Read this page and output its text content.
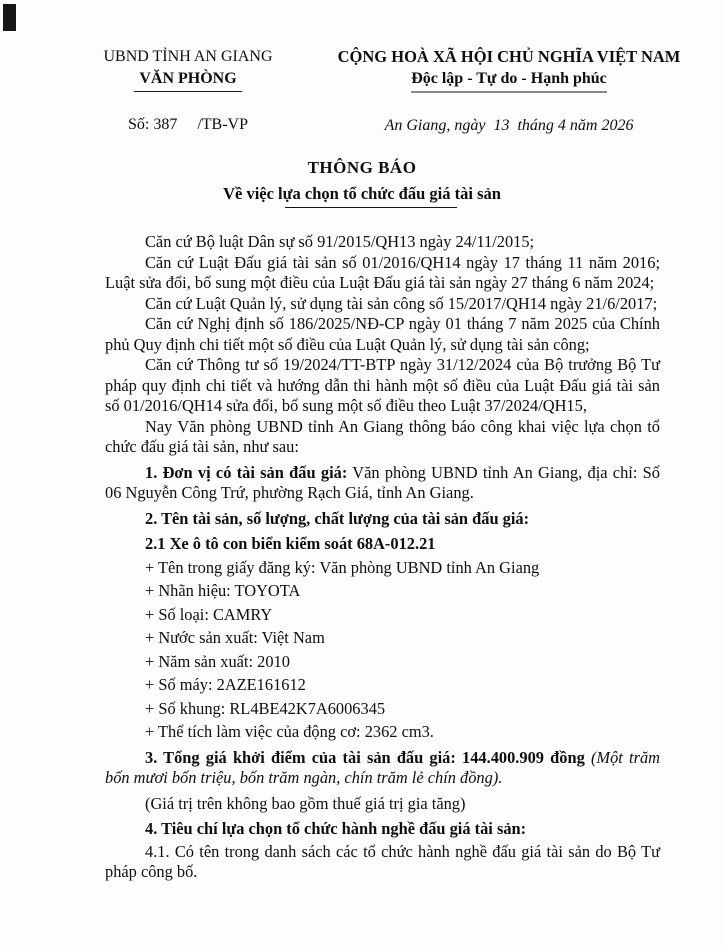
UBND TỈNH AN GIANG
VĂN PHÒNG
Số: 387     /TB-VP
CỘNG HOÀ XÃ HỘI CHỦ NGHĨA VIỆT NAM
Độc lập - Tự do - Hạnh phúc
An Giang, ngày  13  tháng 4 năm 2026
THÔNG BÁO
Về việc lựa chọn tổ chức đấu giá tài sản

Căn cứ Bộ luật Dân sự số 91/2015/QH13 ngày 24/11/2015;

Căn cứ Luật Đấu giá tài sản số 01/2016/QH14 ngày 17 tháng 11 năm 2016; Luật sửa đổi, bổ sung một điều của Luật Đấu giá tài sản ngày 27 tháng 6 năm 2024;

Căn cứ Luật Quản lý, sử dụng tài sản công số 15/2017/QH14 ngày 21/6/2017;

Căn cứ Nghị định số 186/2025/NĐ-CP ngày 01 tháng 7 năm 2025 của Chính phủ Quy định chi tiết một số điều của Luật Quản lý, sử dụng tài sản công;

Căn cứ Thông tư số 19/2024/TT-BTP ngày 31/12/2024 của Bộ trưởng Bộ Tư pháp quy định chi tiết và hướng dẫn thi hành một số điều của Luật Đấu giá tài sản số 01/2016/QH14 sửa đổi, bổ sung một số điều theo Luật 37/2024/QH15,

Nay Văn phòng UBND tỉnh An Giang thông báo công khai việc lựa chọn tổ chức đấu giá tài sản, như sau:

1. Đơn vị có tài sản đấu giá: Văn phòng UBND tỉnh An Giang, địa chỉ: Số 06 Nguyễn Công Trứ, phường Rạch Giá, tỉnh An Giang.

2. Tên tài sản, số lượng, chất lượng của tài sản đấu giá:

2.1 Xe ô tô con biển kiểm soát 68A-012.21

+ Tên trong giấy đăng ký: Văn phòng UBND tỉnh An Giang

+ Nhãn hiệu: TOYOTA

+ Số loại: CAMRY

+ Nước sản xuất: Việt Nam

+ Năm sản xuất: 2010

+ Số máy: 2AZE161612

+ Số khung: RL4BE42K7A6006345

+ Thể tích làm việc của động cơ: 2362 cm3.

3. Tổng giá khởi điểm của tài sản đấu giá: 144.400.909 đồng (Một trăm bốn mươi bốn triệu, bốn trăm ngàn, chín trăm lẻ chín đồng).

(Giá trị trên không bao gồm thuế giá trị gia tăng)

4. Tiêu chí lựa chọn tổ chức hành nghề đấu giá tài sản:

4.1. Có tên trong danh sách các tổ chức hành nghề đấu giá tài sản do Bộ Tư pháp công bố.
